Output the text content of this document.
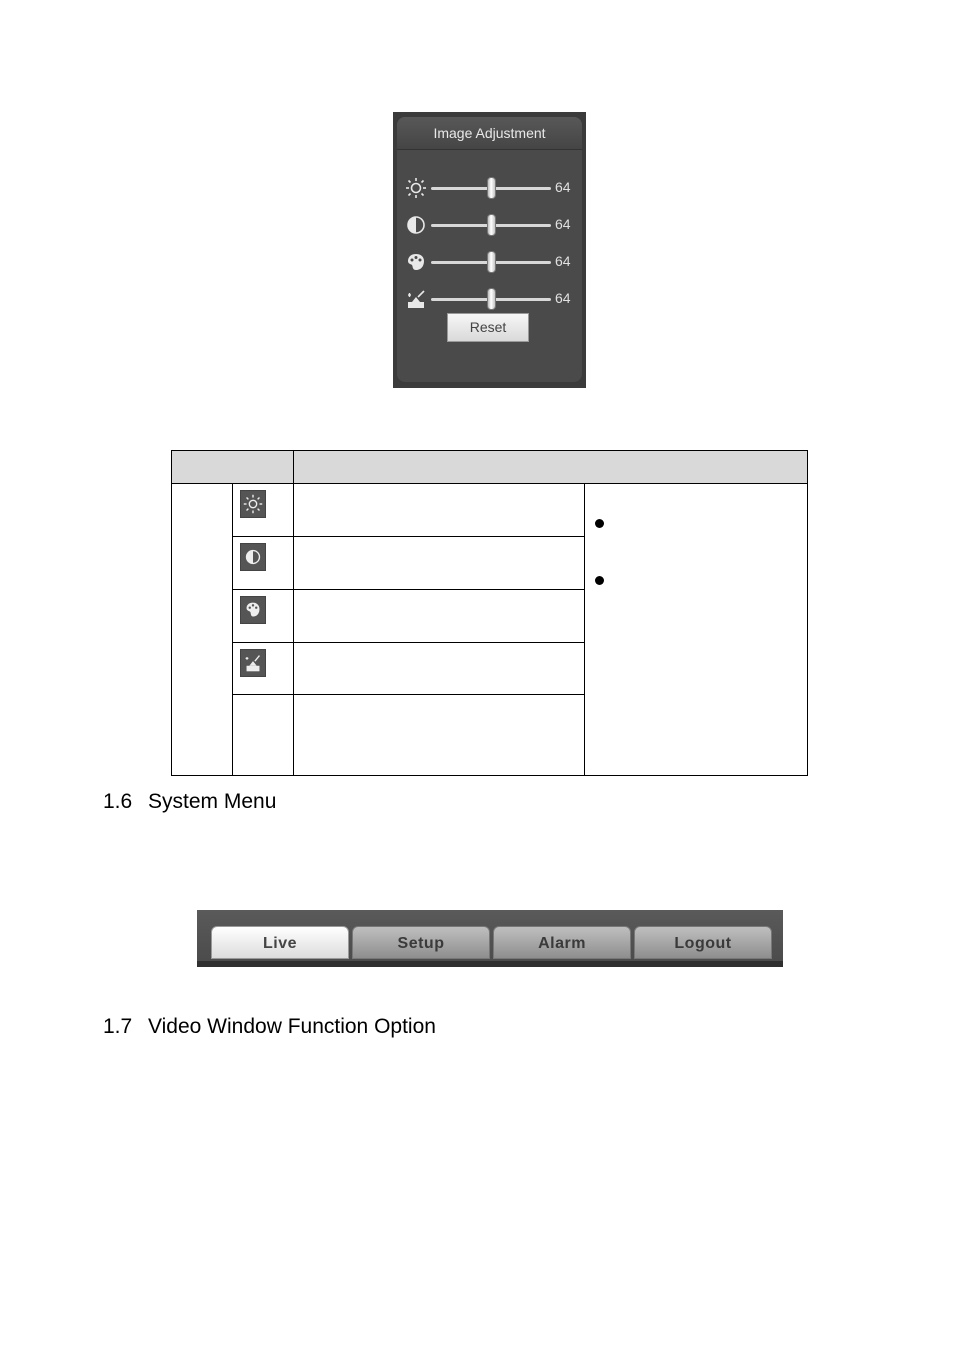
Image Adjustment
64
64
64
64
Reset
1.6 System Menu
Live	Setup	Alarm	Logout
1.7 Video Window Function Option
